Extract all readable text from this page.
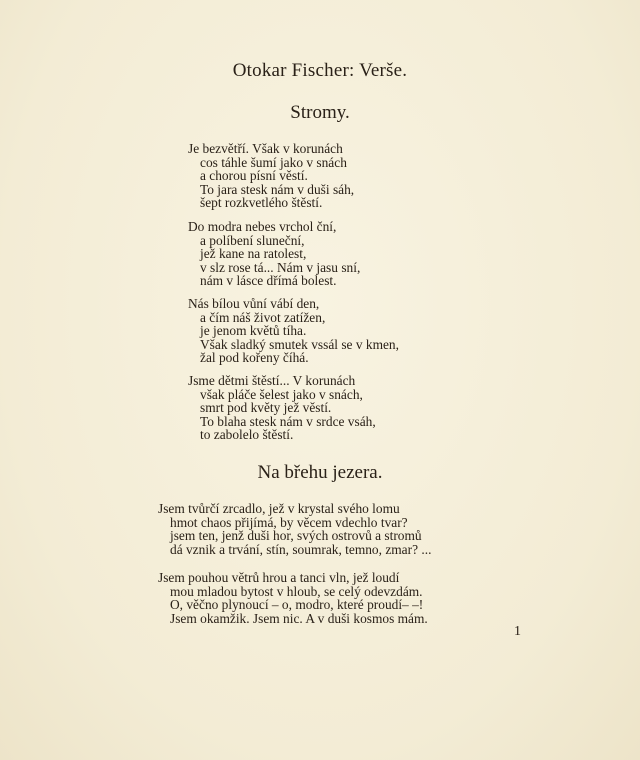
Otokar Fischer: Verše.
Stromy.
Je bezvětří. Však v korunách
cos táhle šumí jako v snách
a chorou písní věstí.
To jara stesk nám v duši sáh,
šept rozkvetlého štěstí.
Do modra nebes vrchol ční,
a políbení sluneční,
jež kane na ratolest,
v slz rose tá... Nám v jasu sní,
nám v lásce dřímá bolest.
Nás bílou vůní vábí den,
a čím náš život zatížen,
je jenom květů tíha.
Však sladký smutek vssál se v kmen,
žal pod kořeny číhá.
Jsme dětmi štěstí... V korunách
však pláče šelest jako v snách,
smrt pod květy jež věstí.
To blaha stesk nám v srdce vsáh,
to zabolelo štěstí.
Na břehu jezera.
Jsem tvůrčí zrcadlo, jež v krystal svého lomu
hmot chaos přijímá, by věcem vdechlo tvar?
jsem ten, jenž duši hor, svých ostrovů a stromů
dá vznik a trvání, stín, soumrak, temno, zmar? ...
Jsem pouhou větrů hrou a tanci vln, jež loudí
mou mladou bytost v hloub, se celý odevzdám.
O, věčno plynoucí – o, modro, které proudí– –!
Jsem okamžik. Jsem nic. A v duši kosmos mám.
1
